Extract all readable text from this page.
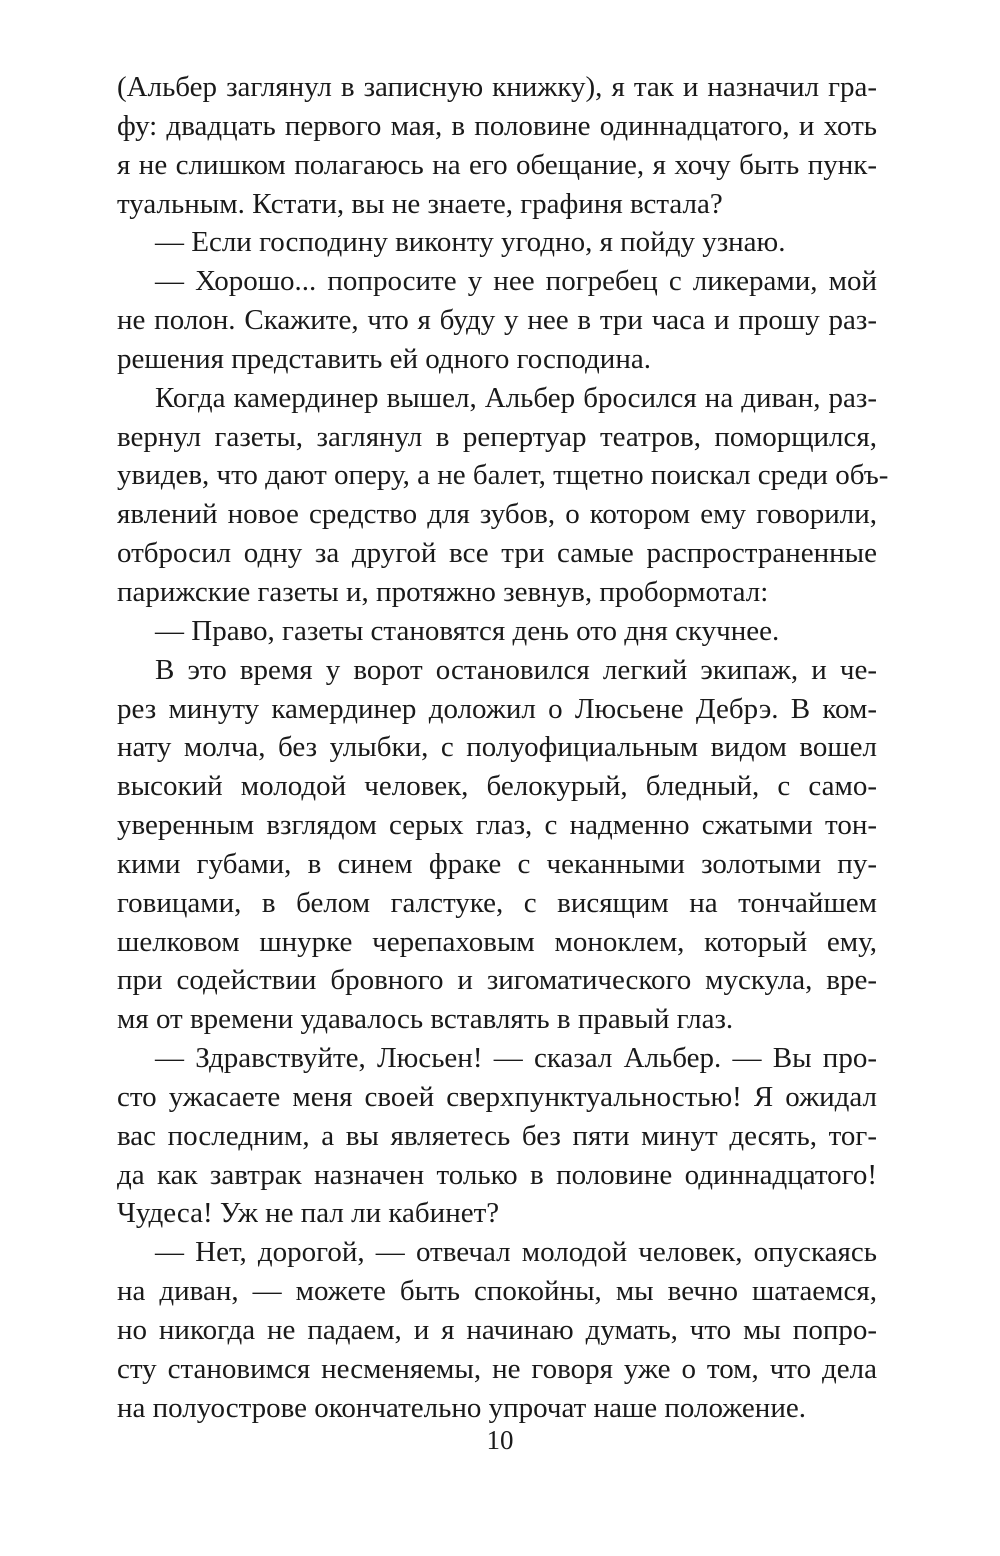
(Альбер заглянул в записную книжку), я так и назначил гра-
фу: двадцать первого мая, в половине одиннадцатого, и хоть
я не слишком полагаюсь на его обещание, я хочу быть пунк-
туальным. Кстати, вы не знаете, графиня встала?
— Если господину виконту угодно, я пойду узнаю.
— Хорошо... попросите у нее погребец с ликерами, мой
не полон. Скажите, что я буду у нее в три часа и прошу раз-
решения представить ей одного господина.
Когда камердинер вышел, Альбер бросился на диван, раз-
вернул газеты, заглянул в репертуар театров, поморщился,
увидев, что дают оперу, а не балет, тщетно поискал среди объ-
явлений новое средство для зубов, о котором ему говорили,
отбросил одну за другой все три самые распространенные
парижские газеты и, протяжно зевнув, пробормотал:
— Право, газеты становятся день ото дня скучнее.
В это время у ворот остановился легкий экипаж, и че-
рез минуту камердинер доложил о Люсьене Дебрэ. В ком-
нату молча, без улыбки, с полуофициальным видом вошел
высокий молодой человек, белокурый, бледный, с само-
уверенным взглядом серых глаз, с надменно сжатыми тон-
кими губами, в синем фраке с чеканными золотыми пу-
говицами, в белом галстуке, с висящим на тончайшем
шелковом шнурке черепаховым моноклем, который ему,
при содействии бровного и зигоматического мускула, вре-
мя от времени удавалось вставлять в правый глаз.
— Здравствуйте, Люсьен! — сказал Альбер. — Вы про-
сто ужасаете меня своей сверхпунктуальностью! Я ожидал
вас последним, а вы являетесь без пяти минут десять, тог-
да как завтрак назначен только в половине одиннадцатого!
Чудеса! Уж не пал ли кабинет?
— Нет, дорогой, — отвечал молодой человек, опускаясь
на диван, — можете быть спокойны, мы вечно шатаемся,
но никогда не падаем, и я начинаю думать, что мы попро-
сту становимся несменяемы, не говоря уже о том, что дела
на полуострове окончательно упрочат наше положение.
10
